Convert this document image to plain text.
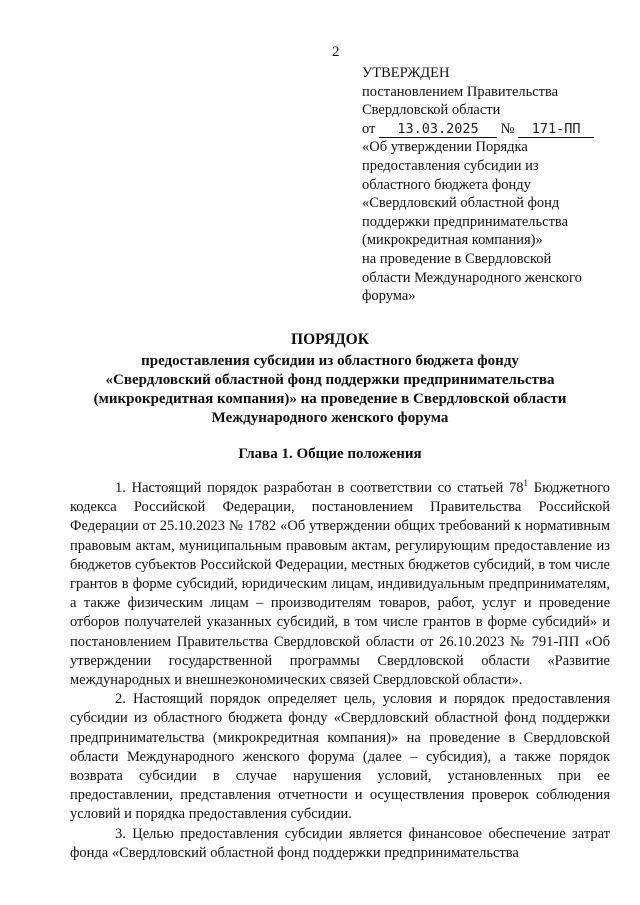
2
УТВЕРЖДЕН
постановлением Правительства
Свердловской области
от 13.03.2025 № 171-ПП
«Об утверждении Порядка
предоставления субсидии из
областного бюджета фонду
«Свердловский областной фонд
поддержки предпринимательства
(микрокредитная компания)»
на проведение в Свердловской
области Международного женского
форума»
ПОРЯДОК
предоставления субсидии из областного бюджета фонду
«Свердловский областной фонд поддержки предпринимательства
(микрокредитная компания)» на проведение в Свердловской области
Международного женского форума
Глава 1. Общие положения

1. Настоящий порядок разработан в соответствии со статьей $78^1$ Бюджетного кодекса Российской Федерации, постановлением Правительства Российской Федерации от 25.10.2023 № 1782 «Об утверждении общих требований к нормативным правовым актам, муниципальным правовым актам, регулирующим предоставление из бюджетов субъектов Российской Федерации, местных бюджетов субсидий, в том числе грантов в форме субсидий, юридическим лицам, индивидуальным предпринимателям, а также физическим лицам – производителям товаров, работ, услуг и проведение отборов получателей указанных субсидий, в том числе грантов в форме субсидий» и постановлением Правительства Свердловской области от 26.10.2023 № 791-ПП «Об утверждении государственной программы Свердловской области «Развитие международных и внешнеэкономических связей Свердловской области».

2. Настоящий порядок определяет цель, условия и порядок предоставления субсидии из областного бюджета фонду «Свердловский областной фонд поддержки предпринимательства (микрокредитная компания)» на проведение в Свердловской области Международного женского форума (далее – субсидия), а также порядок возврата субсидии в случае нарушения условий, установленных при ее предоставлении, представления отчетности и осуществления проверок соблюдения условий и порядка предоставления субсидии.

3. Целью предоставления субсидии является финансовое обеспечение затрат фонда «Свердловский областной фонд поддержки предпринимательства
